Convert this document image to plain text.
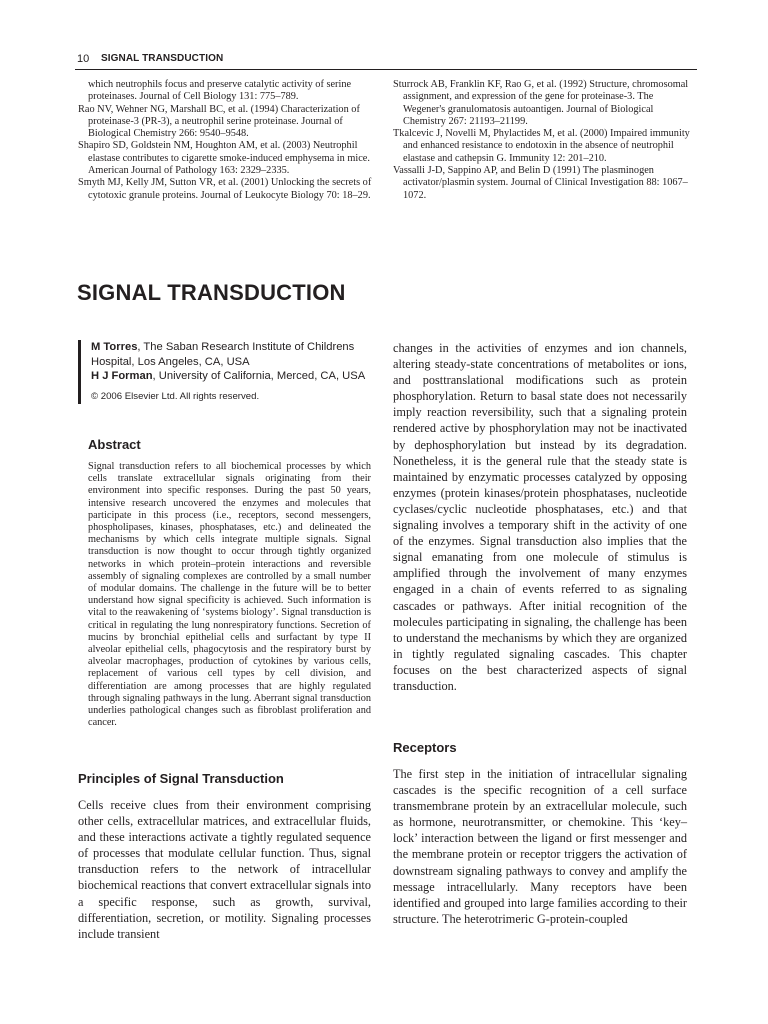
10 SIGNAL TRANSDUCTION

which neutrophils focus and preserve catalytic activity of serine proteinases. Journal of Cell Biology 131: 775–789.

Rao NV, Wehner NG, Marshall BC, et al. (1994) Characterization of proteinase-3 (PR-3), a neutrophil serine proteinase. Journal of Biological Chemistry 266: 9540–9548.

Shapiro SD, Goldstein NM, Houghton AM, et al. (2003) Neutrophil elastase contributes to cigarette smoke-induced emphysema in mice. American Journal of Pathology 163: 2329–2335.

Smyth MJ, Kelly JM, Sutton VR, et al. (2001) Unlocking the secrets of cytotoxic granule proteins. Journal of Leukocyte Biology 70: 18–29.

Sturrock AB, Franklin KF, Rao G, et al. (1992) Structure, chromosomal assignment, and expression of the gene for proteinase-3. The Wegener's granulomatosis autoantigen. Journal of Biological Chemistry 267: 21193–21199.

Tkalcevic J, Novelli M, Phylactides M, et al. (2000) Impaired immunity and enhanced resistance to endotoxin in the absence of neutrophil elastase and cathepsin G. Immunity 12: 201–210.

Vassalli J-D, Sappino AP, and Belin D (1991) The plasminogen activator/plasmin system. Journal of Clinical Investigation 88: 1067–1072.

SIGNAL TRANSDUCTION

M Torres, The Saban Research Institute of Childrens Hospital, Los Angeles, CA, USA

H J Forman, University of California, Merced, CA, USA

© 2006 Elsevier Ltd. All rights reserved.

Abstract

Signal transduction refers to all biochemical processes by which cells translate extracellular signals originating from their environment into specific responses. During the past 50 years, intensive research uncovered the enzymes and molecules that participate in this process (i.e., receptors, second messengers, phospholipases, kinases, phosphatases, etc.) and delineated the mechanisms by which cells integrate multiple signals. Signal transduction is now thought to occur through tightly organized networks in which protein–protein interactions and reversible assembly of signaling complexes are controlled by a small number of modular domains. The challenge in the future will be to better understand how signal specificity is achieved. Such information is vital to the reawakening of ‘systems biology’. Signal transduction is critical in regulating the lung nonrespiratory functions. Secretion of mucins by bronchial epithelial cells and surfactant by type II alveolar epithelial cells, phagocytosis and the respiratory burst by alveolar macrophages, production of cytokines by various cells, replacement of various cell types by cell division, and differentiation are among processes that are highly regulated through signaling pathways in the lung. Aberrant signal transduction underlies pathological changes such as fibroblast proliferation and cancer.

Principles of Signal Transduction

Cells receive clues from their environment comprising other cells, extracellular matrices, and extracellular fluids, and these interactions activate a tightly regulated sequence of processes that modulate cellular function. Thus, signal transduction refers to the network of intracellular biochemical reactions that convert extracellular signals into a specific response, such as growth, survival, differentiation, secretion, or motility. Signaling processes include transient

changes in the activities of enzymes and ion channels, altering steady-state concentrations of metabolites or ions, and posttranslational modifications such as protein phosphorylation. Return to basal state does not necessarily imply reaction reversibility, such that a signaling protein rendered active by phosphorylation may not be inactivated by dephosphorylation but instead by its degradation. Nonetheless, it is the general rule that the steady state is maintained by enzymatic processes catalyzed by opposing enzymes (protein kinases/protein phosphatases, nucleotide cyclases/cyclic nucleotide phosphatases, etc.) and that signaling involves a temporary shift in the activity of one of the enzymes. Signal transduction also implies that the signal emanating from one molecule of stimulus is amplified through the involvement of many enzymes engaged in a chain of events referred to as signaling cascades or pathways. After initial recognition of the molecules participating in signaling, the challenge has been to understand the mechanisms by which they are organized in tightly regulated signaling cascades. This chapter focuses on the best characterized aspects of signal transduction.

Receptors

The first step in the initiation of intracellular signaling cascades is the specific recognition of a cell surface transmembrane protein by an extracellular molecule, such as hormone, neurotransmitter, or chemokine. This ‘key–lock’ interaction between the ligand or first messenger and the membrane protein or receptor triggers the activation of downstream signaling pathways to convey and amplify the message intracellularly. Many receptors have been identified and grouped into large families according to their structure. The heterotrimeric G-protein-coupled
